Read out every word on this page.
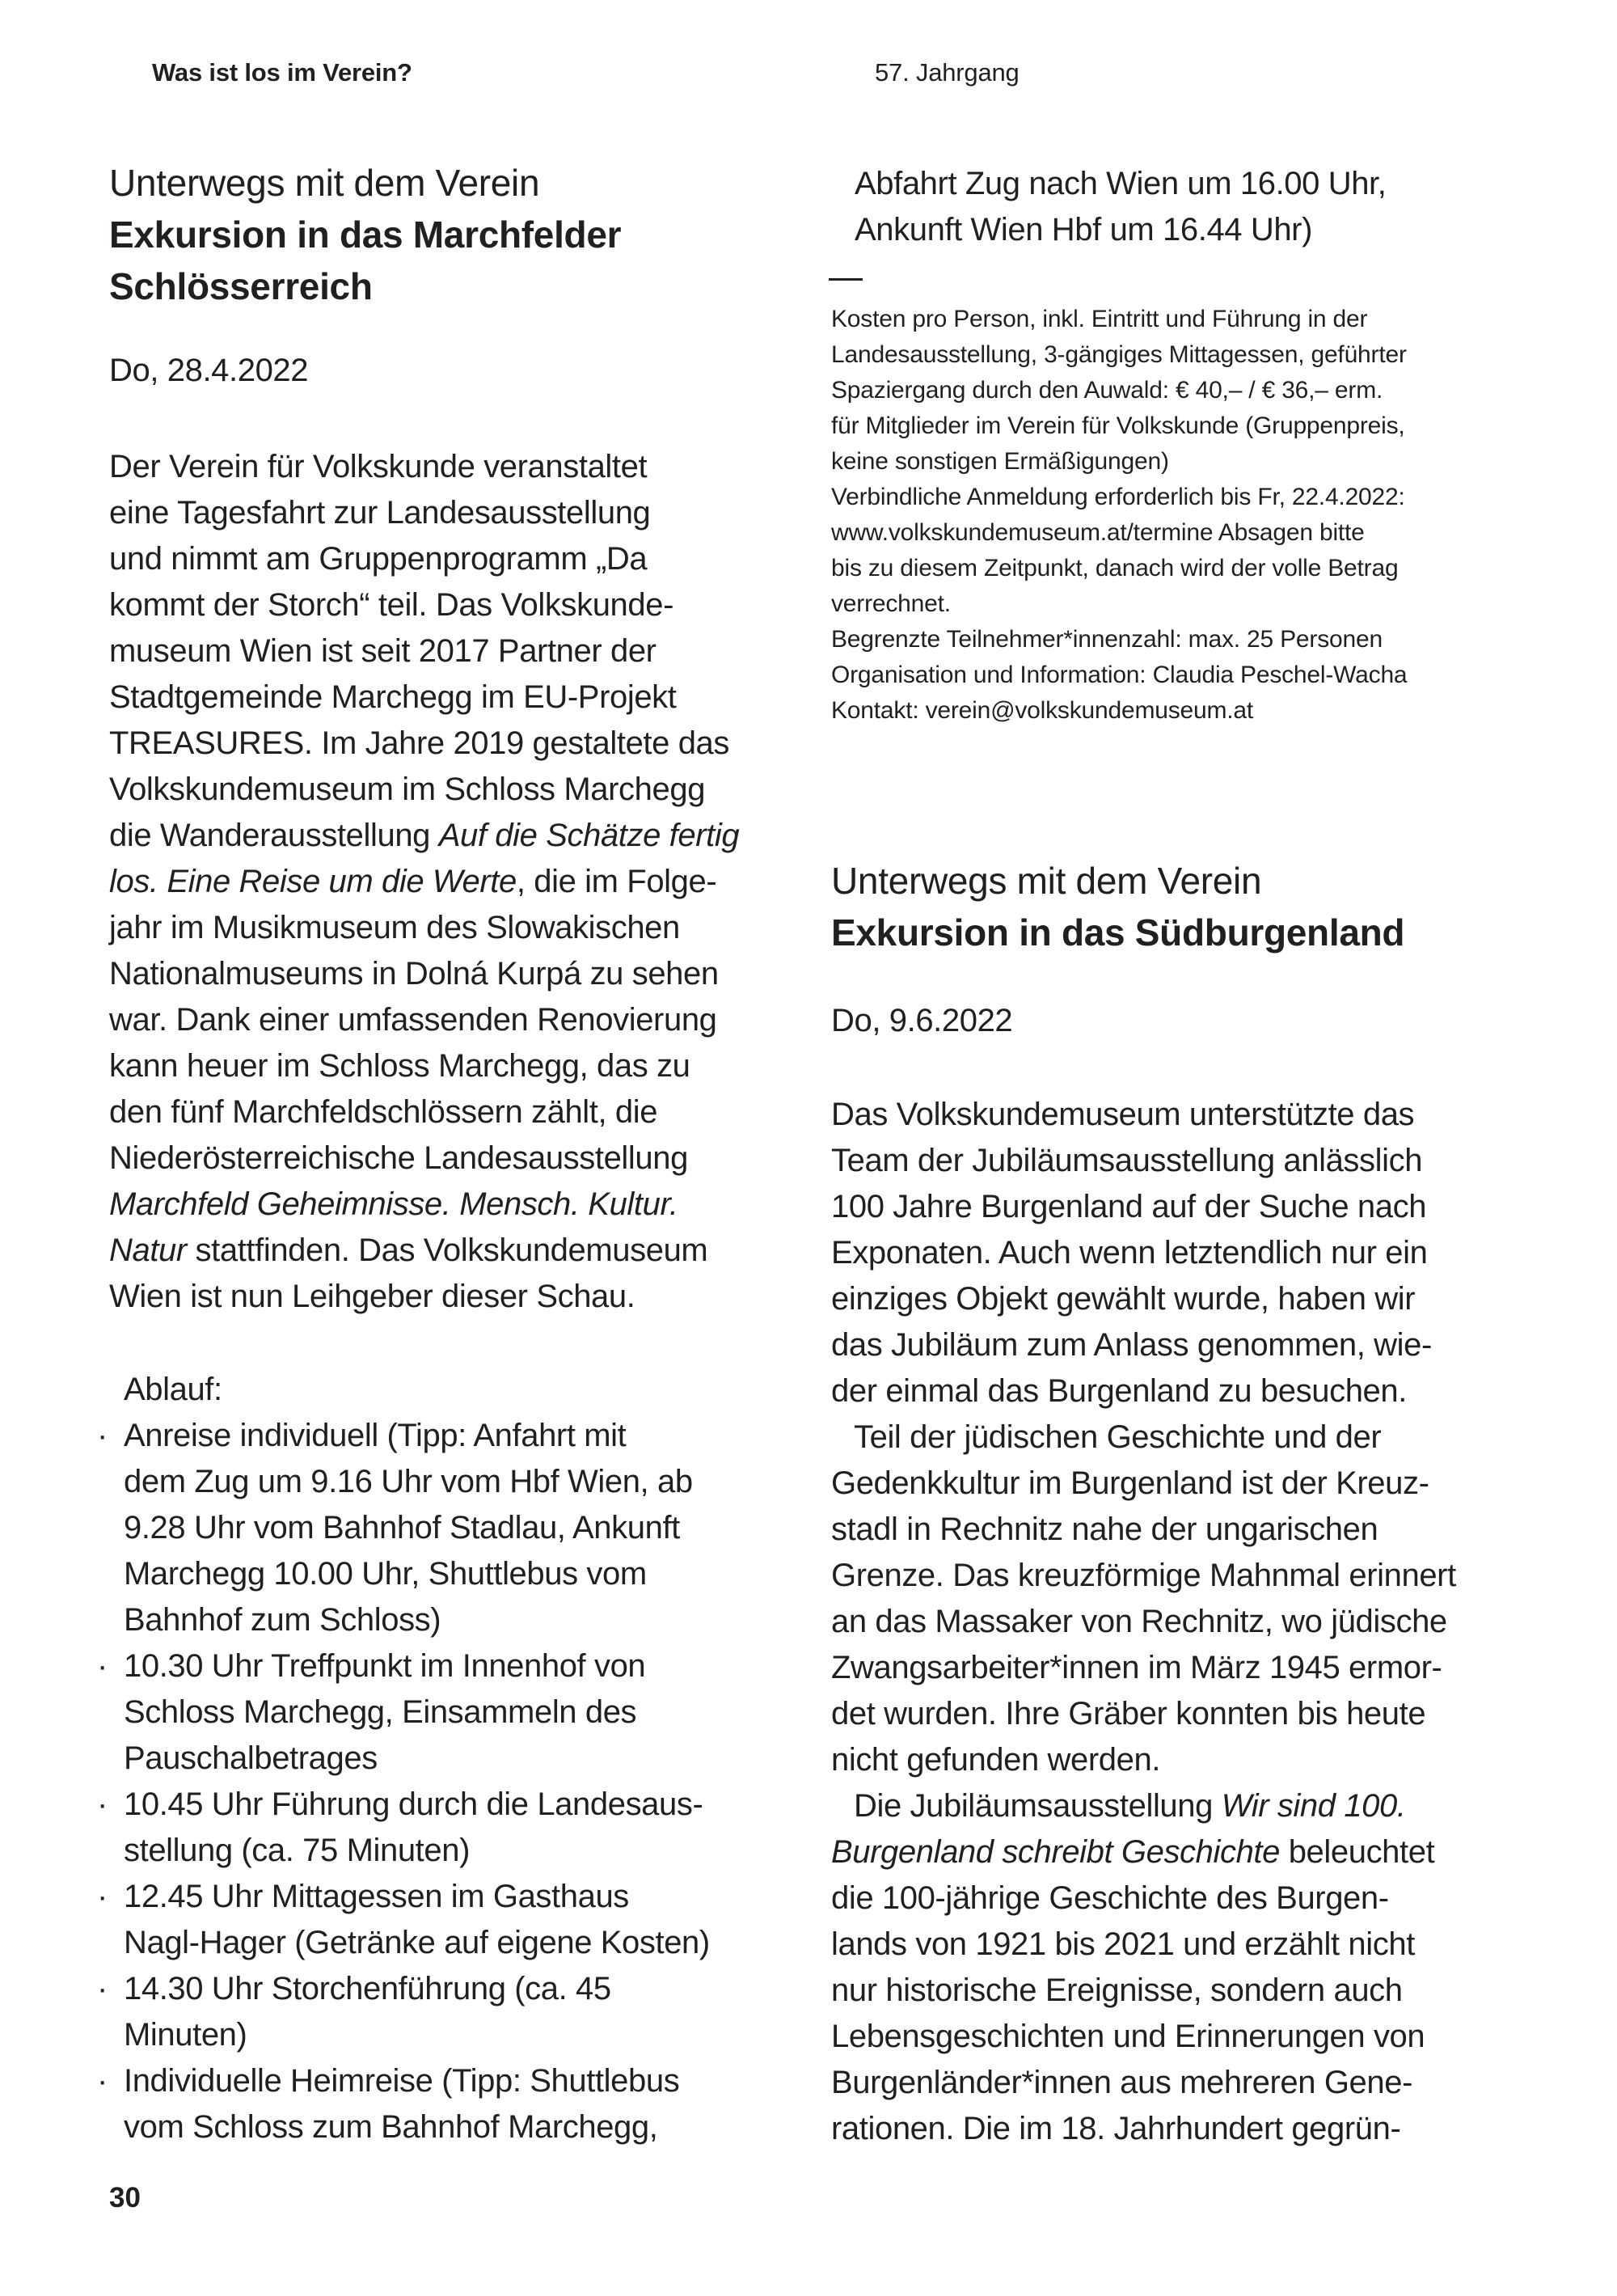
Was ist los im Verein?	57. Jahrgang
Unterwegs mit dem Verein
Exkursion in das Marchfelder
Schlösserreich
Do, 28.4.2022
Der Verein für Volkskunde veranstaltet
eine Tagesfahrt zur Landesausstellung
und nimmt am Gruppenprogramm „Da
kommt der Storch“ teil. Das Volkskunde-
museum Wien ist seit 2017 Partner der
Stadtgemeinde Marchegg im EU-Projekt
TREASURES. Im Jahre 2019 gestaltete das
Volkskundemuseum im Schloss Marchegg
die Wanderausstellung Auf die Schätze fertig
los. Eine Reise um die Werte, die im Folge-
jahr im Musikmuseum des Slowakischen
Nationalmuseums in Dolná Kurpá zu sehen
war. Dank einer umfassenden Renovierung
kann heuer im Schloss Marchegg, das zu
den fünf Marchfeldschlössern zählt, die
Niederösterreichische Landesausstellung
Marchfeld Geheimnisse. Mensch. Kultur.
Natur stattfinden. Das Volkskundemuseum
Wien ist nun Leihgeber dieser Schau.
Ablauf:
· Anreise individuell (Tipp: Anfahrt mit
dem Zug um 9.16 Uhr vom Hbf Wien, ab
9.28 Uhr vom Bahnhof Stadlau, Ankunft
Marchegg 10.00 Uhr, Shuttlebus vom
Bahnhof zum Schloss)
· 10.30 Uhr Treffpunkt im Innenhof von
Schloss Marchegg, Einsammeln des
Pauschalbetrages
· 10.45 Uhr Führung durch die Landesaus-
stellung (ca. 75 Minuten)
· 12.45 Uhr Mittagessen im Gasthaus
Nagl-Hager (Getränke auf eigene Kosten)
· 14.30 Uhr Storchenführung (ca. 45
Minuten)
· Individuelle Heimreise (Tipp: Shuttlebus
vom Schloss zum Bahnhof Marchegg,
Abfahrt Zug nach Wien um 16.00 Uhr,
Ankunft Wien Hbf um 16.44 Uhr)
Kosten pro Person, inkl. Eintritt und Führung in der
Landesausstellung, 3-gängiges Mittagessen, geführter
Spaziergang durch den Auwald: € 40,– / € 36,– erm.
für Mitglieder im Verein für Volkskunde (Gruppenpreis,
keine sonstigen Ermäßigungen)
Verbindliche Anmeldung erforderlich bis Fr, 22.4.2022:
www.volkskundemuseum.at/termine Absagen bitte
bis zu diesem Zeitpunkt, danach wird der volle Betrag
verrechnet.
Begrenzte Teilnehmer*innenzahl: max. 25 Personen
Organisation und Information: Claudia Peschel-Wacha
Kontakt: verein@volkskundemuseum.at
Unterwegs mit dem Verein
Exkursion in das Südburgenland
Do, 9.6.2022
Das Volkskundemuseum unterstützte das
Team der Jubiläumsausstellung anlässlich
100 Jahre Burgenland auf der Suche nach
Exponaten. Auch wenn letztendlich nur ein
einziges Objekt gewählt wurde, haben wir
das Jubiläum zum Anlass genommen, wie-
der einmal das Burgenland zu besuchen.
Teil der jüdischen Geschichte und der
Gedenkkultur im Burgenland ist der Kreuz-
stadl in Rechnitz nahe der ungarischen
Grenze. Das kreuzförmige Mahnmal erinnert
an das Massaker von Rechnitz, wo jüdische
Zwangsarbeiter*innen im März 1945 ermor-
det wurden. Ihre Gräber konnten bis heute
nicht gefunden werden.
Die Jubiläumsausstellung Wir sind 100.
Burgenland schreibt Geschichte beleuchtet
die 100-jährige Geschichte des Burgen-
lands von 1921 bis 2021 und erzählt nicht
nur historische Ereignisse, sondern auch
Lebensgeschichten und Erinnerungen von
Burgenländer*innen aus mehreren Gene-
rationen. Die im 18. Jahrhundert gegrün-
30
